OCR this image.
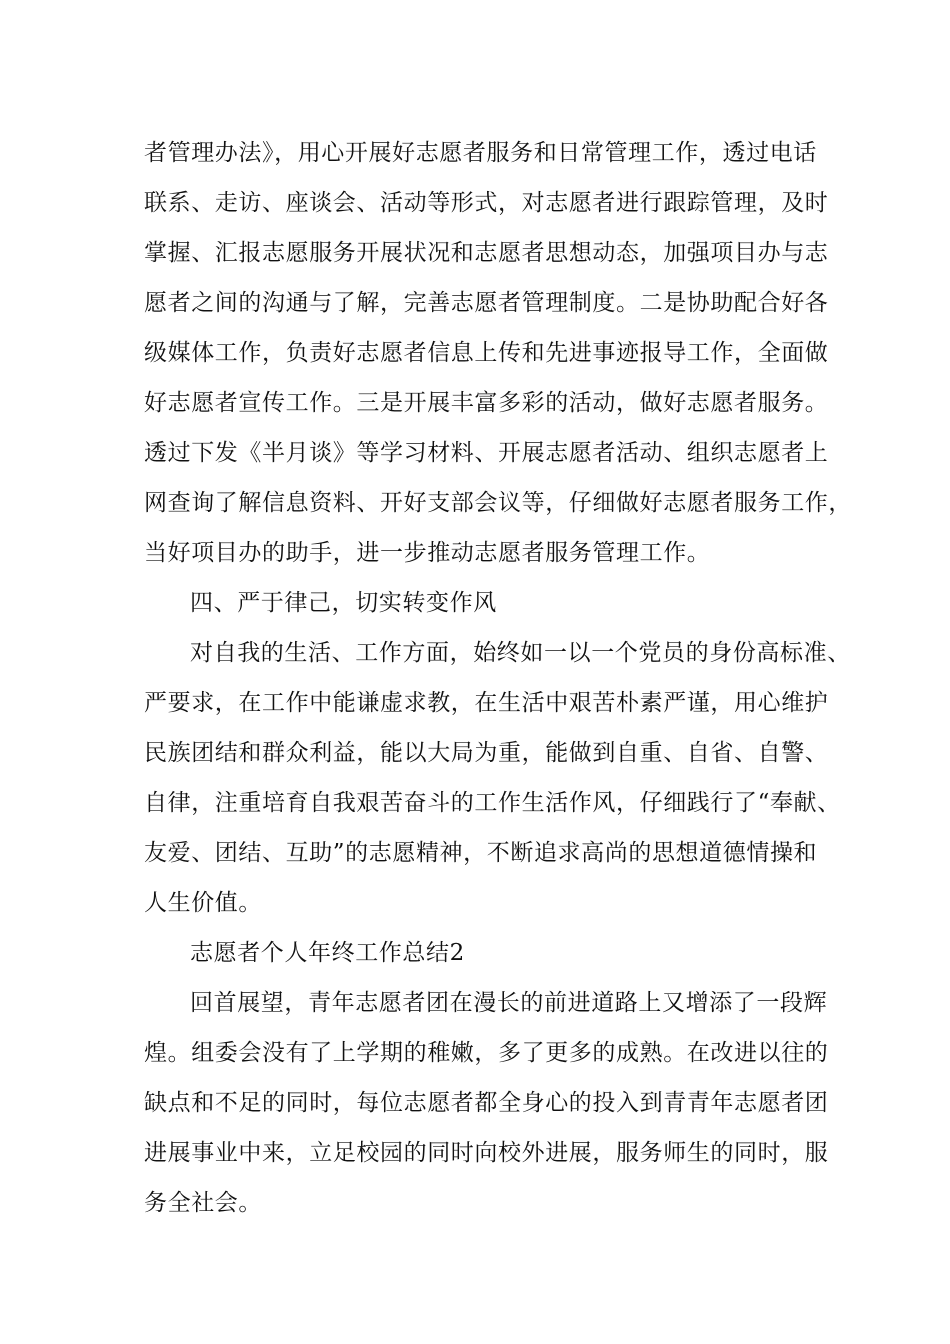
者管理办法》，用心开展好志愿者服务和日常管理工作，透过电话
联系、走访、座谈会、活动等形式，对志愿者进行跟踪管理，及时
掌握、汇报志愿服务开展状况和志愿者思想动态，加强项目办与志
愿者之间的沟通与了解，完善志愿者管理制度。二是协助配合好各
级媒体工作，负责好志愿者信息上传和先进事迹报导工作，全面做
好志愿者宣传工作。三是开展丰富多彩的活动，做好志愿者服务。
透过下发《半月谈》等学习材料、开展志愿者活动、组织志愿者上
网查询了解信息资料、开好支部会议等，仔细做好志愿者服务工作，
当好项目办的助手，进一步推动志愿者服务管理工作。
四、严于律己，切实转变作风
对自我的生活、工作方面，始终如一以一个党员的身份高标准、
严要求，在工作中能谦虚求教，在生活中艰苦朴素严谨，用心维护
民族团结和群众利益，能以大局为重，能做到自重、自省、自警、
自律，注重培育自我艰苦奋斗的工作生活作风，仔细践行了“奉献、
友爱、团结、互助”的志愿精神，不断追求高尚的思想道德情操和
人生价值。
志愿者个人年终工作总结2
回首展望，青年志愿者团在漫长的前进道路上又增添了一段辉
煌。组委会没有了上学期的稚嫩，多了更多的成熟。在改进以往的
缺点和不足的同时，每位志愿者都全身心的投入到青青年志愿者团
进展事业中来，立足校园的同时向校外进展，服务师生的同时，服
务全社会。
